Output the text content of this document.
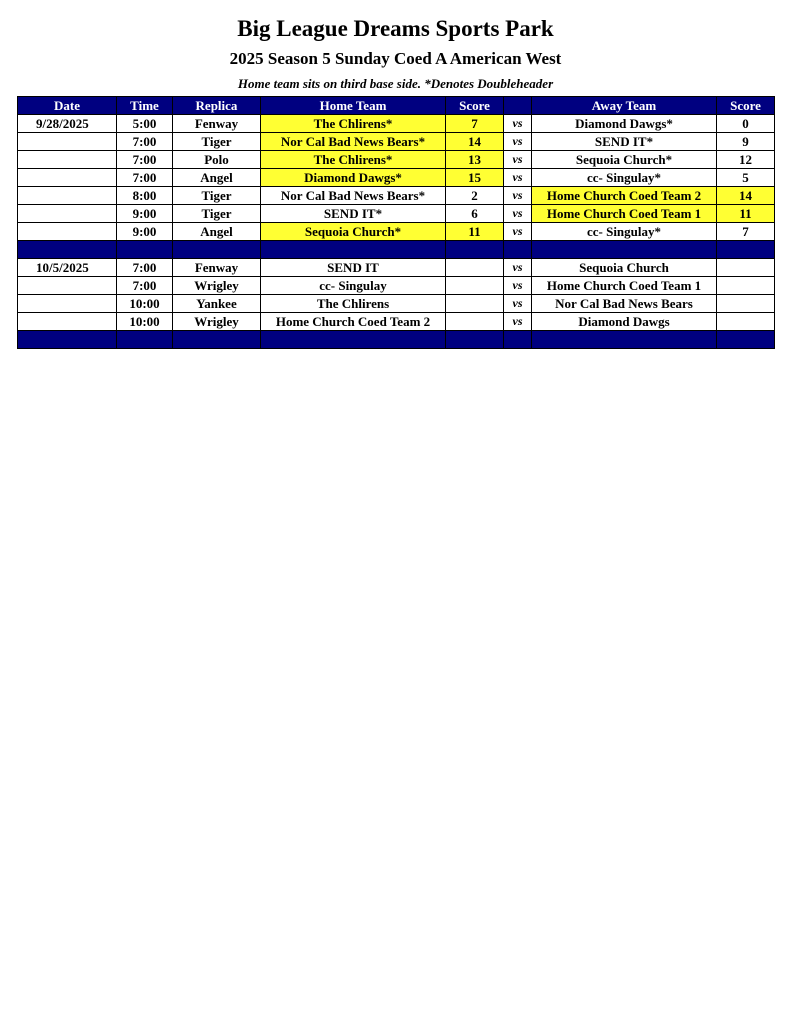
Big League Dreams Sports Park
2025 Season 5 Sunday Coed A American West
Home team sits on third base side. *Denotes Doubleheader
Date	Time	Replica	Home Team	Score		Away Team	Score
9/28/2025	5:00	Fenway	The Chlirens*	7	vs	Diamond Dawgs*	0
	7:00	Tiger	Nor Cal Bad News Bears*	14	vs	SEND IT*	9
	7:00	Polo	The Chlirens*	13	vs	Sequoia Church*	12
	7:00	Angel	Diamond Dawgs*	15	vs	cc- Singulay*	5
	8:00	Tiger	Nor Cal Bad News Bears*	2	vs	Home Church Coed Team 2	14
	9:00	Tiger	SEND IT*	6	vs	Home Church Coed Team 1	11
	9:00	Angel	Sequoia Church*	11	vs	cc- Singulay*	7

10/5/2025	7:00	Fenway	SEND IT		vs	Sequoia Church	
	7:00	Wrigley	cc- Singulay		vs	Home Church Coed Team 1	
	10:00	Yankee	The Chlirens		vs	Nor Cal Bad News Bears	
	10:00	Wrigley	Home Church Coed Team 2		vs	Diamond Dawgs	
